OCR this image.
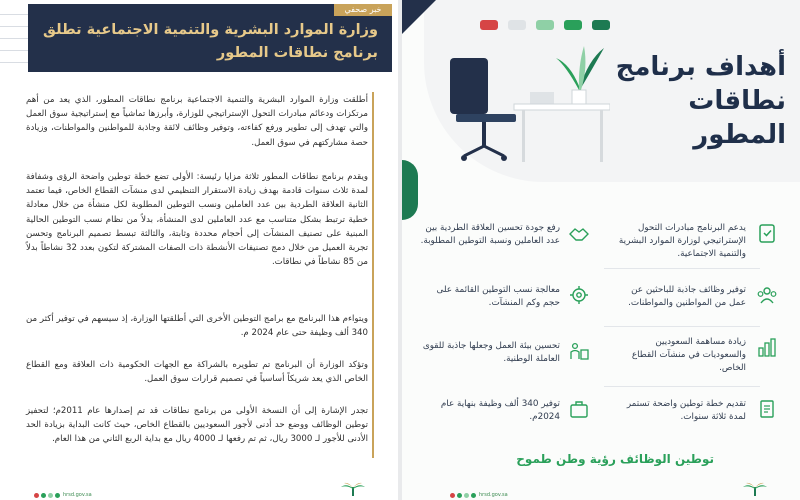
خبر صحفي
وزارة الموارد البشرية والتنمية الاجتماعية تطلق
برنامج نطاقات المطور

أطلقت وزارة الموارد البشرية والتنمية الاجتماعية برنامج نطاقات المطور، الذي يعد من أهم مرتكزات ودعائم مبادرات التحول الإستراتيجي للوزارة، وأبرزها تماشياً مع إستراتيجية سوق العمل والتي تهدف إلى تطوير ورفع كفاءته، وتوفير وظائف لائقة وجاذبة للمواطنين والمواطنات، وزيادة حصة مشاركتهم في سوق العمل.

ويقدم برنامج نطاقات المطور ثلاثة مزايا رئيسة: الأولى تضع خطة توطين واضحة الرؤى وشفافة لمدة ثلاث سنوات قادمة بهدف زيادة الاستقرار التنظيمي لدى منشآت القطاع الخاص، فيما تعتمد الثانية العلاقة الطردية بين عدد العاملين ونسب التوطين المطلوبة لكل منشأة من خلال معادلة خطية ترتبط بشكل متناسب مع عدد العاملين لدى المنشأة، بدلاً من نظام نسب التوطين الحالية المبنية على تصنيف المنشآت إلى أحجام محددة وثابتة، والثالثة تبسط تصميم البرنامج وتحسن تجربة العميل من خلال دمج تصنيفات الأنشطة ذات الصفات المشتركة لتكون بعدد 32 نشاطاً بدلاً من 85 نشاطاً في نطاقات.

ويتواءم هذا البرنامج مع برامج التوطين الأخرى التي أطلقتها الوزارة، إذ سيسهم في توفير أكثر من 340 ألف وظيفة حتى عام 2024 م.

وتؤكد الوزارة أن البرنامج تم تطويره بالشراكة مع الجهات الحكومية ذات العلاقة ومع القطاع الخاص الذي يعد شريكاً أساسياً في تصميم قرارات سوق العمل.

تجدر الإشارة إلى أن النسخة الأولى من برنامج نطاقات قد تم إصدارها عام 2011م؛ لتحفيز توطين الوظائف ووضع حد أدنى لأجور السعوديين بالقطاع الخاص، حيث كانت البداية بزيادة الحد الأدنى للأجور لـ 3000 ريال، ثم تم رفعها لـ 4000 ريال مع بداية الربع الثاني من هذا العام.

hrsd.gov.sa
أهداف برنامج
نطاقات المطور
يدعم البرنامج مبادرات التحول الإستراتيجي لوزارة الموارد البشرية والتنمية الاجتماعية.
توفير وظائف جاذبة للباحثين عن عمل من المواطنين والمواطنات.
زيادة مساهمة السعوديين والسعوديات في منشآت القطاع الخاص.
تقديم خطة توطين واضحة تستمر لمدة ثلاثة سنوات.
رفع جودة تحسين العلاقة الطردية بين عدد العاملين ونسبة التوطين المطلوبة.
معالجة نسب التوطين القائمة على حجم وكم المنشآت.
تحسين بيئة العمل وجعلها جاذبة للقوى العاملة الوطنية.
توفير 340 ألف وظيفة بنهاية عام 2024م.
توطين الوظائف رؤية وطن طموح
hrsd.gov.sa
